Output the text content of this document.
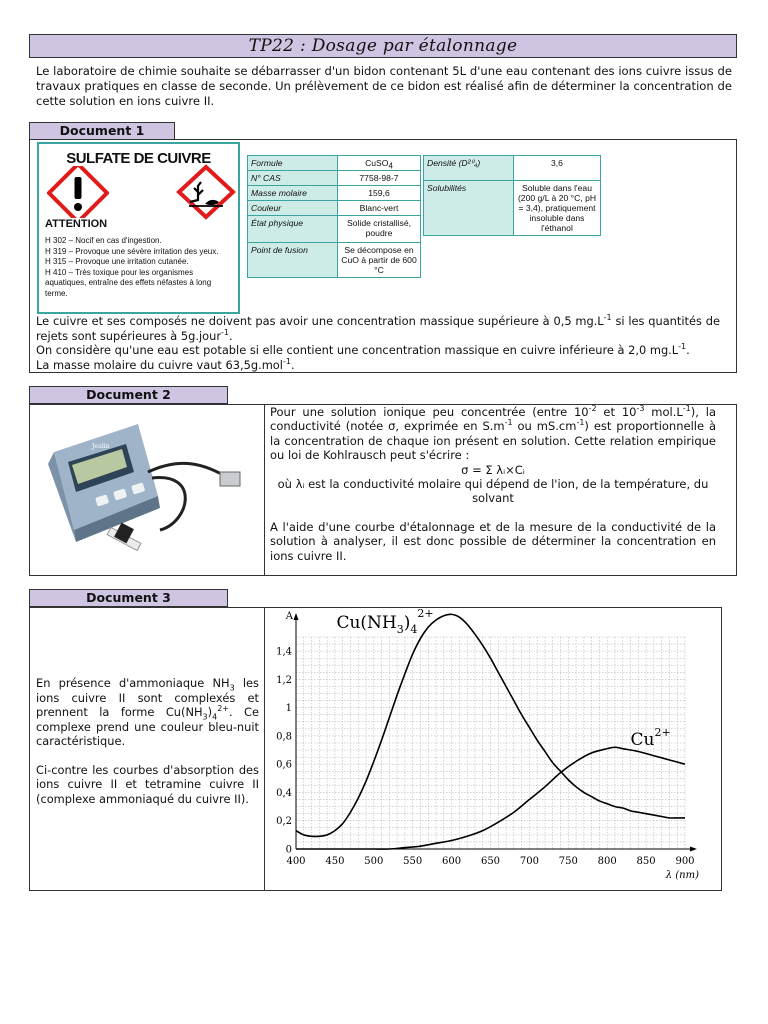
TP22 : Dosage par étalonnage
Le laboratoire de chimie souhaite se débarrasser d'un bidon contenant 5L d'une eau contenant des ions cuivre issus de travaux pratiques en classe de seconde. Un prélèvement de ce bidon est réalisé afin de déterminer la concentration de cette solution en ions cuivre II.
Document 1
SULFATE DE CUIVRE
ATTENTION
H 302 – Nocif en cas d'ingestion.
H 319 – Provoque une sévère irritation des yeux.
H 315 – Provoque une irritation cutanée.
H 410 – Très toxique pour les organismes aquatiques, entraîne des effets néfastes à long terme.
Formule	CuSO4
N° CAS	7758-98-7
Masse molaire	159,6
Couleur	Blanc-vert
État physique	Solide cristallisé, poudre
Point de fusion	Se décompose en CuO à partir de 600 °C
Densité (D²⁰₄)	3,6
Solubilités	Soluble dans l'eau (200 g/L à 20 °C, pH = 3,4), pratiquement insoluble dans l'éthanol
Le cuivre et ses composés ne doivent pas avoir une concentration massique supérieure à 0,5 $mg.L^{-1}$ si les quantités de rejets sont supérieures à 5g.jour$^{-1}$.
On considère qu'une eau est potable si elle contient une concentration massique en cuivre inférieure à 2,0 $mg.L^{-1}$.
La masse molaire du cuivre vaut 63,5g.mol$^{-1}$.
Document 2
Jeulin
Pour une solution ionique peu concentrée (entre $10^{-2}$ et $10^{-3}$ $mol.L^{-1}$), la conductivité (notée σ, exprimée en $S.m^{-1}$ ou $mS.cm^{-1}$) est proportionnelle à la concentration de chaque ion présent en solution. Cette relation empirique ou loi de Kohlrausch peut s'écrire :
σ = Σ λᵢ×Cᵢ
où λᵢ est la conductivité molaire qui dépend de l'ion, de la température, du solvant
A l'aide d'une courbe d'étalonnage et de la mesure de la conductivité de la solution à analyser, il est donc possible de déterminer la concentration en ions cuivre II.
Document 3
En présence d'ammoniaque $NH_3$ les ions cuivre II sont complexés et prennent la forme $Cu(NH_3)_4^{2+}$. Ce complexe prend une couleur bleu-nuit caractéristique.
Ci-contre les courbes d'absorption des ions cuivre II et tetramine cuivre II (complexe ammoniaqué du cuivre II).
400 450 500 550 600 650 700 750 800 850 900
0
0,2
0,4
0,6
0,8
1
1,2
1,4
A
λ (nm)
$Cu(NH_3)_4^{2+}$
$Cu^{2+}$
